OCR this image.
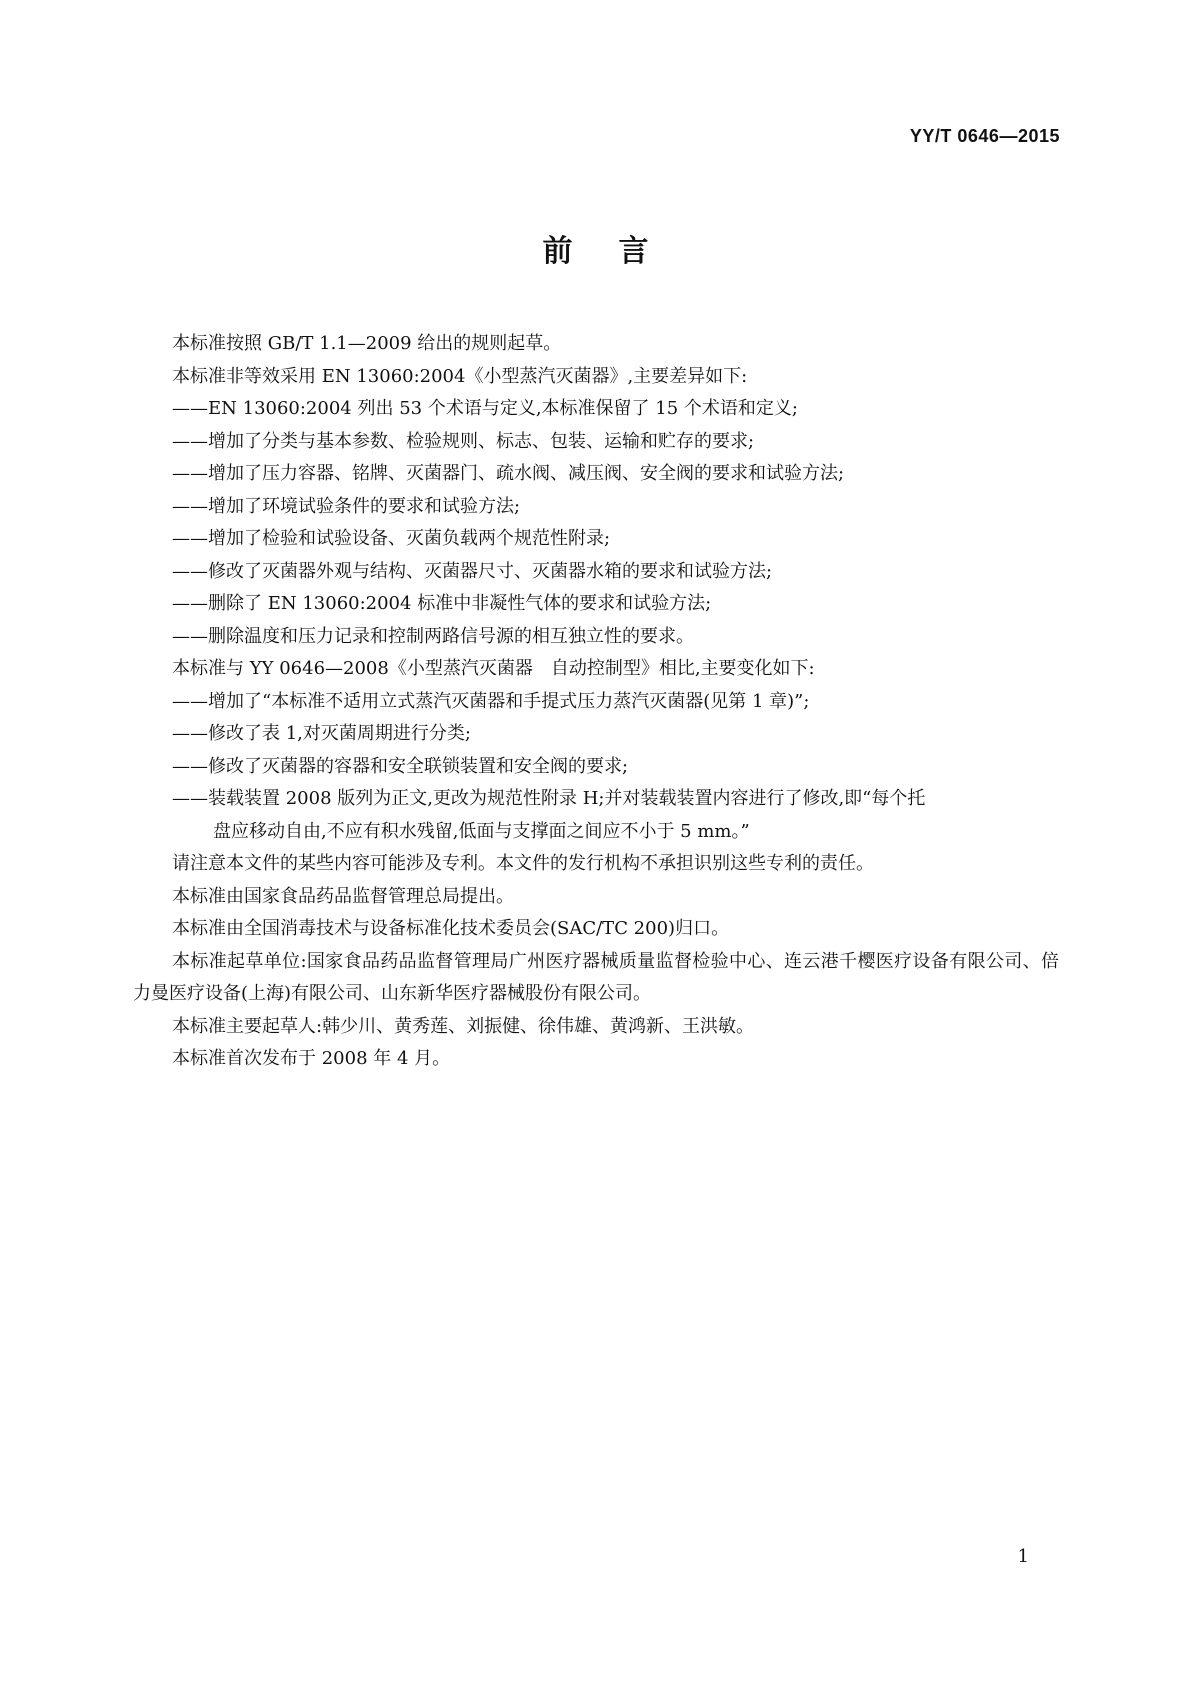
YY/T 0646—2015
前言

本标准按照 GB/T 1.1—2009 给出的规则起草。

本标准非等效采用 EN 13060:2004《小型蒸汽灭菌器》,主要差异如下:

——EN 13060:2004 列出 53 个术语与定义,本标准保留了 15 个术语和定义;

——增加了分类与基本参数、检验规则、标志、包装、运输和贮存的要求;

——增加了压力容器、铭牌、灭菌器门、疏水阀、减压阀、安全阀的要求和试验方法;

——增加了环境试验条件的要求和试验方法;

——增加了检验和试验设备、灭菌负载两个规范性附录;

——修改了灭菌器外观与结构、灭菌器尺寸、灭菌器水箱的要求和试验方法;

——删除了 EN 13060:2004 标准中非凝性气体的要求和试验方法;

——删除温度和压力记录和控制两路信号源的相互独立性的要求。

本标准与 YY 0646—2008《小型蒸汽灭菌器　自动控制型》相比,主要变化如下:

——增加了“本标准不适用立式蒸汽灭菌器和手提式压力蒸汽灭菌器(见第 1 章)”;

——修改了表 1,对灭菌周期进行分类;

——修改了灭菌器的容器和安全联锁装置和安全阀的要求;

——装载装置 2008 版列为正文,更改为规范性附录 H;并对装载装置内容进行了修改,即“每个托

盘应移动自由,不应有积水残留,低面与支撑面之间应不小于 5 mm。”

请注意本文件的某些内容可能涉及专利。本文件的发行机构不承担识别这些专利的责任。

本标准由国家食品药品监督管理总局提出。

本标准由全国消毒技术与设备标准化技术委员会(SAC/TC 200)归口。

本标准起草单位:国家食品药品监督管理局广州医疗器械质量监督检验中心、连云港千樱医疗设备有限公司、倍力曼医疗设备(上海)有限公司、山东新华医疗器械股份有限公司。

本标准主要起草人:韩少川、黄秀莲、刘振健、徐伟雄、黄鸿新、王洪敏。

本标准首次发布于 2008 年 4 月。

1
